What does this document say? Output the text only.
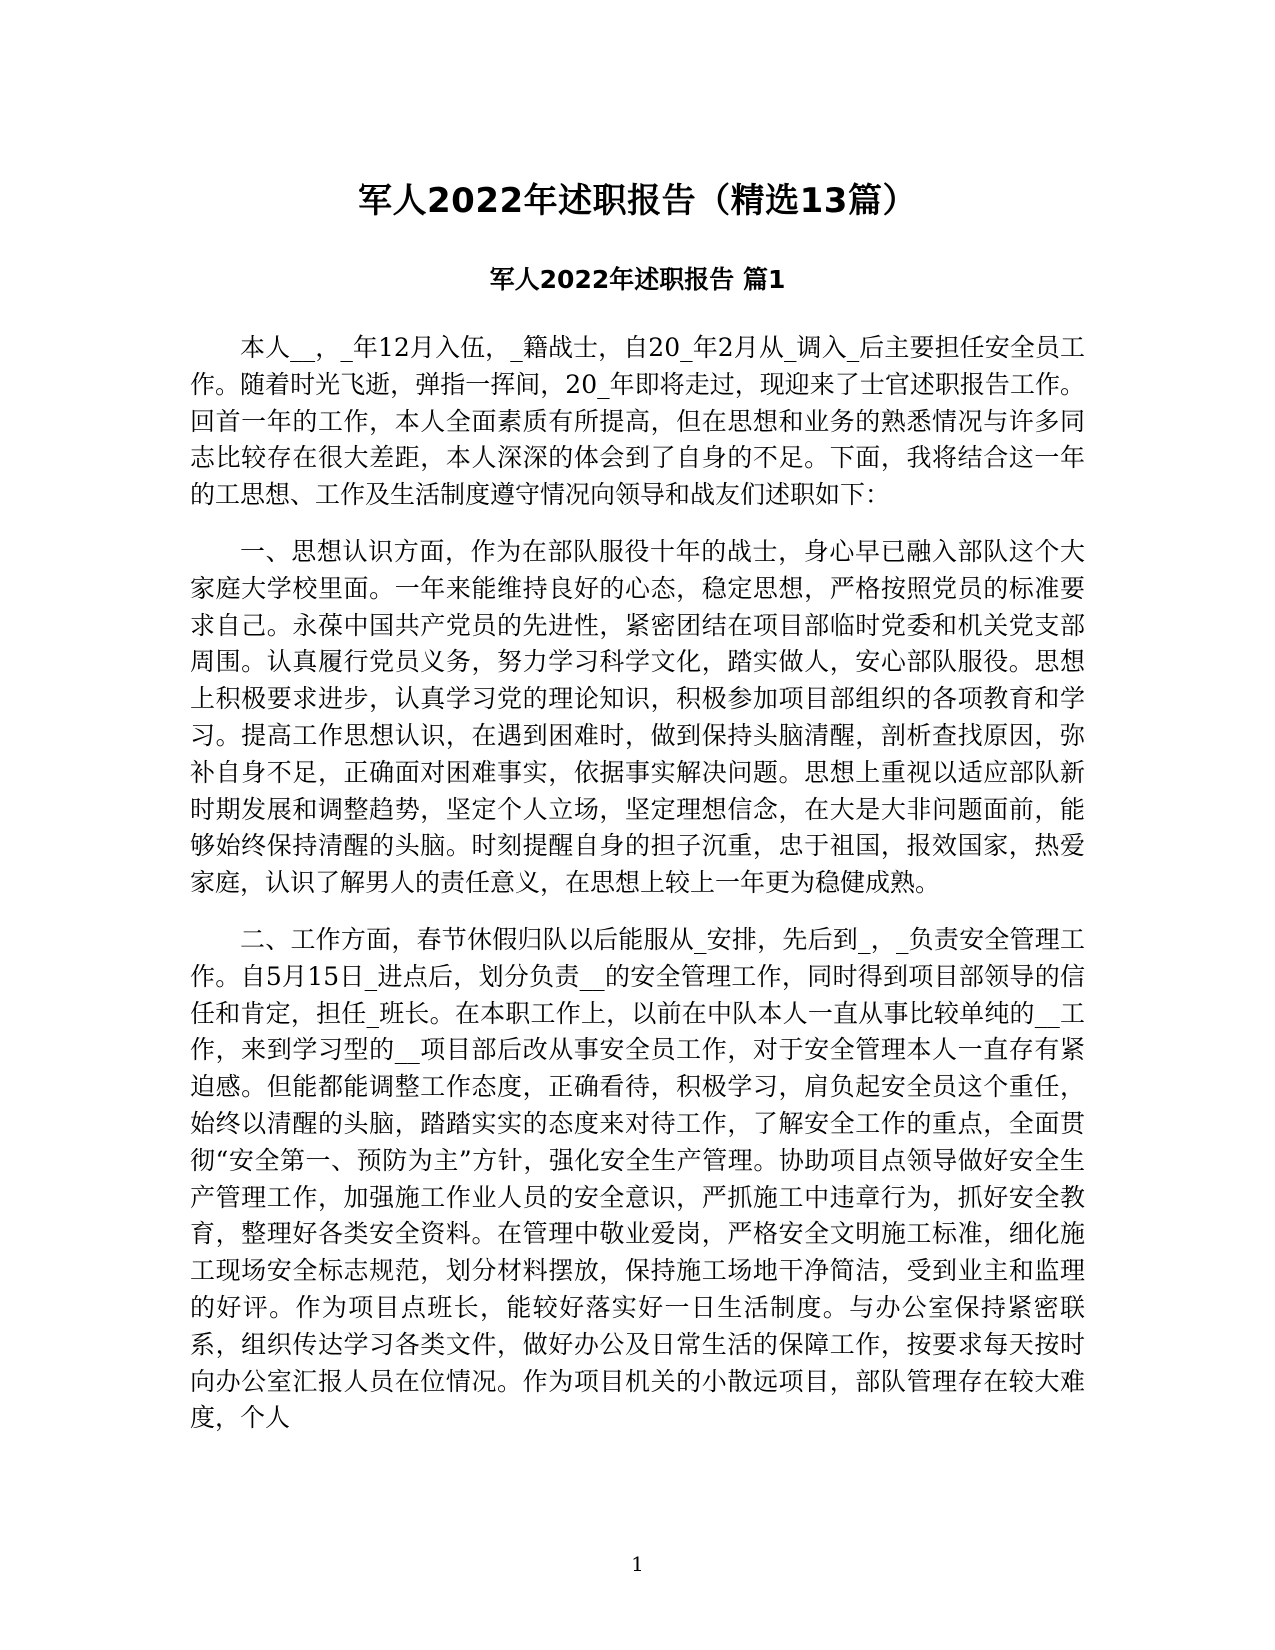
军人2022年述职报告（精选13篇）
军人2022年述职报告 篇1

本人__，_年12月入伍，_籍战士，自20_年2月从_调入_后主要担任安全员工作。随着时光飞逝，弹指一挥间，20_年即将走过，现迎来了士官述职报告工作。回首一年的工作，本人全面素质有所提高，但在思想和业务的熟悉情况与许多同志比较存在很大差距，本人深深的体会到了自身的不足。下面，我将结合这一年的工思想、工作及生活制度遵守情况向领导和战友们述职如下：

一、思想认识方面，作为在部队服役十年的战士，身心早已融入部队这个大家庭大学校里面。一年来能维持良好的心态，稳定思想，严格按照党员的标准要求自己。永葆中国共产党员的先进性，紧密团结在项目部临时党委和机关党支部周围。认真履行党员义务，努力学习科学文化，踏实做人，安心部队服役。思想上积极要求进步，认真学习党的理论知识，积极参加项目部组织的各项教育和学习。提高工作思想认识，在遇到困难时，做到保持头脑清醒，剖析查找原因，弥补自身不足，正确面对困难事实，依据事实解决问题。思想上重视以适应部队新时期发展和调整趋势，坚定个人立场，坚定理想信念，在大是大非问题面前，能够始终保持清醒的头脑。时刻提醒自身的担子沉重，忠于祖国，报效国家，热爱家庭，认识了解男人的责任意义，在思想上较上一年更为稳健成熟。

二、工作方面，春节休假归队以后能服从_安排，先后到_，_负责安全管理工作。自5月15日_进点后，划分负责__的安全管理工作，同时得到项目部领导的信任和肯定，担任_班长。在本职工作上，以前在中队本人一直从事比较单纯的__工作，来到学习型的__项目部后改从事安全员工作，对于安全管理本人一直存有紧迫感。但能都能调整工作态度，正确看待，积极学习，肩负起安全员这个重任，始终以清醒的头脑，踏踏实实的态度来对待工作，了解安全工作的重点，全面贯彻“安全第一、预防为主”方针，强化安全生产管理。协助项目点领导做好安全生产管理工作，加强施工作业人员的安全意识，严抓施工中违章行为，抓好安全教育，整理好各类安全资料。在管理中敬业爱岗，严格安全文明施工标准，细化施工现场安全标志规范，划分材料摆放，保持施工场地干净简洁，受到业主和监理的好评。作为项目点班长，能较好落实好一日生活制度。与办公室保持紧密联系，组织传达学习各类文件，做好办公及日常生活的保障工作，按要求每天按时向办公室汇报人员在位情况。作为项目机关的小散远项目，部队管理存在较大难度，个人

1
